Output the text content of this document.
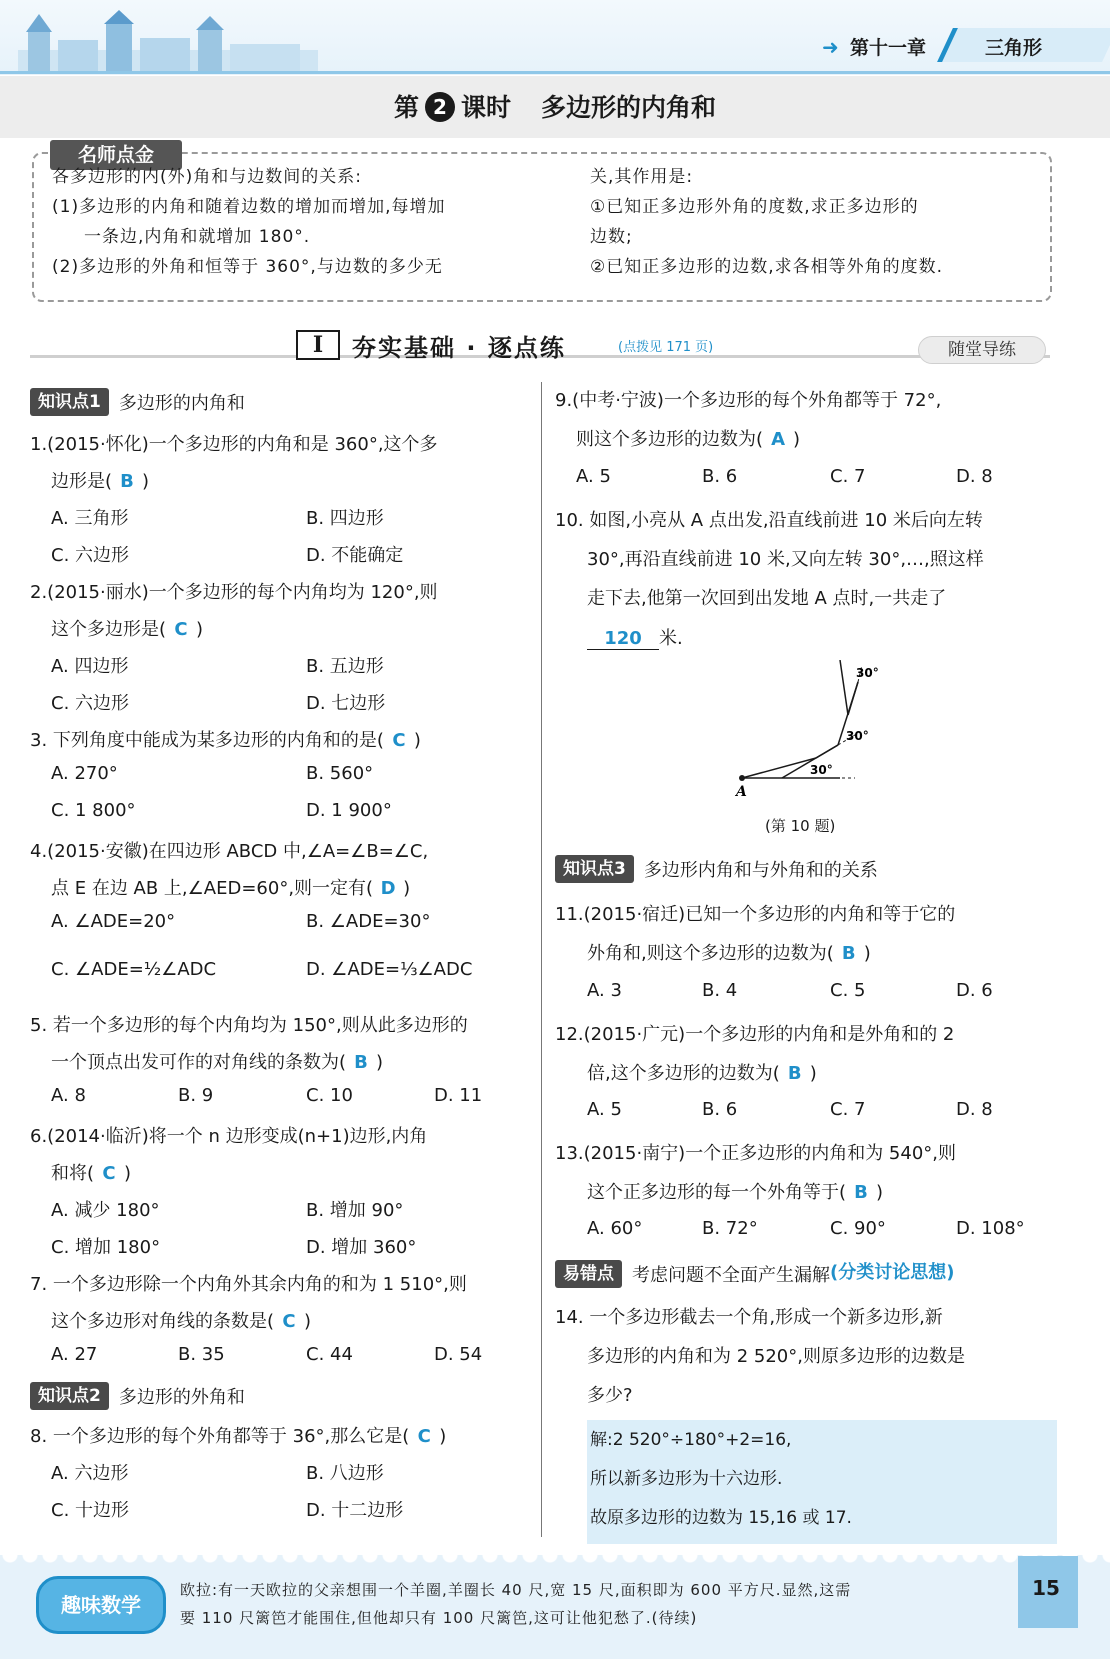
➜ 第十一章	三角形
第 2 课时 多边形的内角和
名师点金
各多边形的内(外)角和与边数间的关系:
(1)多边形的内角和随着边数的增加而增加,每增加
一条边,内角和就增加 180°.
(2)多边形的外角和恒等于 360°,与边数的多少无
关,其作用是:
①已知正多边形外角的度数,求正多边形的
边数;
②已知正多边形的边数,求各相等外角的度数.
I	夯实基础 · 逐点练	(点拨见 171 页)	随堂导练
知识点1 多边形的内角和
1.(2015·怀化)一个多边形的内角和是 360°,这个多
边形是( B )
A. 三角形	B. 四边形
C. 六边形	D. 不能确定
2.(2015·丽水)一个多边形的每个内角均为 120°,则
这个多边形是( C )
A. 四边形	B. 五边形
C. 六边形	D. 七边形
3. 下列角度中能成为某多边形的内角和的是( C )
A. 270°	B. 560°
C. 1 800°	D. 1 900°
4.(2015·安徽)在四边形 ABCD 中,∠A=∠B=∠C,
点 E 在边 AB 上,∠AED=60°,则一定有( D )
A. ∠ADE=20°	B. ∠ADE=30°
C. ∠ADE=½∠ADC	D. ∠ADE=⅓∠ADC
5. 若一个多边形的每个内角均为 150°,则从此多边形的
一个顶点出发可作的对角线的条数为( B )
A. 8	B. 9	C. 10	D. 11
6.(2014·临沂)将一个 n 边形变成(n+1)边形,内角
和将( C )
A. 减少 180°	B. 增加 90°
C. 增加 180°	D. 增加 360°
7. 一个多边形除一个内角外其余内角的和为 1 510°,则
这个多边形对角线的条数是( C )
A. 27	B. 35	C. 44	D. 54
知识点2 多边形的外角和
8. 一个多边形的每个外角都等于 36°,那么它是( C )
A. 六边形	B. 八边形
C. 十边形	D. 十二边形
9.(中考·宁波)一个多边形的每个外角都等于 72°,
则这个多边形的边数为( A )
A. 5	B. 6	C. 7	D. 8
10. 如图,小亮从 A 点出发,沿直线前进 10 米后向左转
30°,再沿直线前进 10 米,又向左转 30°,…,照这样
走下去,他第一次回到出发地 A 点时,一共走了
120 米.
A
30°
30°
30°
(第 10 题)
知识点3 多边形内角和与外角和的关系
11.(2015·宿迁)已知一个多边形的内角和等于它的
外角和,则这个多边形的边数为( B )
A. 3	B. 4	C. 5	D. 6
12.(2015·广元)一个多边形的内角和是外角和的 2
倍,这个多边形的边数为( B )
A. 5	B. 6	C. 7	D. 8
13.(2015·南宁)一个正多边形的内角和为 540°,则
这个正多边形的每一个外角等于( B )
A. 60°	B. 72°	C. 90°	D. 108°
易错点 考虑问题不全面产生漏解(分类讨论思想)
14. 一个多边形截去一个角,形成一个新多边形,新
多边形的内角和为 2 520°,则原多边形的边数是
多少?
解:2 520°÷180°+2=16,
所以新多边形为十六边形.
故原多边形的边数为 15,16 或 17.
趣味数学
欧拉:有一天欧拉的父亲想围一个羊圈,羊圈长 40 尺,宽 15 尺,面积即为 600 平方尺.显然,这需
要 110 尺篱笆才能围住,但他却只有 100 尺篱笆,这可让他犯愁了.(待续)
15
